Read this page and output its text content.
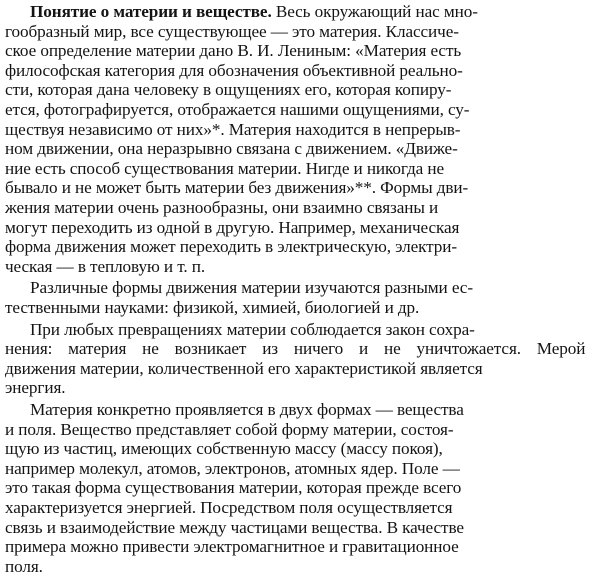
Понятие о материи и веществе. Весь окружающий нас мно-
гообразный мир, все существующее — это материя. Классиче-
ское определение материи дано В. И. Лениным: «Материя есть
философская категория для обозначения объективной реально-
сти, которая дана человеку в ощущениях его, которая копиру-
ется, фотографируется, отображается нашими ощущениями, су-
ществуя независимо от них»*. Материя находится в непрерыв-
ном движении, она неразрывно связана с движением. «Движе-
ние есть способ существования материи. Нигде и никогда не
бывало и не может быть материи без движения»**. Формы дви-
жения материи очень разнообразны, они взаимно связаны и
могут переходить из одной в другую. Например, механическая
форма движения может переходить в электрическую, электри-
ческая — в тепловую и т. п.
Различные формы движения материи изучаются разными ес-
тественными науками: физикой, химией, биологией и др.
При любых превращениях материи соблюдается закон сохра-
нения: материя не возникает из ничего и не уничтожается. Мерой
движения материи, количественной его характеристикой является
энергия.
Материя конкретно проявляется в двух формах — вещества
и поля. Вещество представляет собой форму материи, состоя-
щую из частиц, имеющих собственную массу (массу покоя),
например молекул, атомов, электронов, атомных ядер. Поле —
это такая форма существования материи, которая прежде всего
характеризуется энергией. Посредством поля осуществляется
связь и взаимодействие между частицами вещества. В качестве
примера можно привести электромагнитное и гравитационное
поля.
